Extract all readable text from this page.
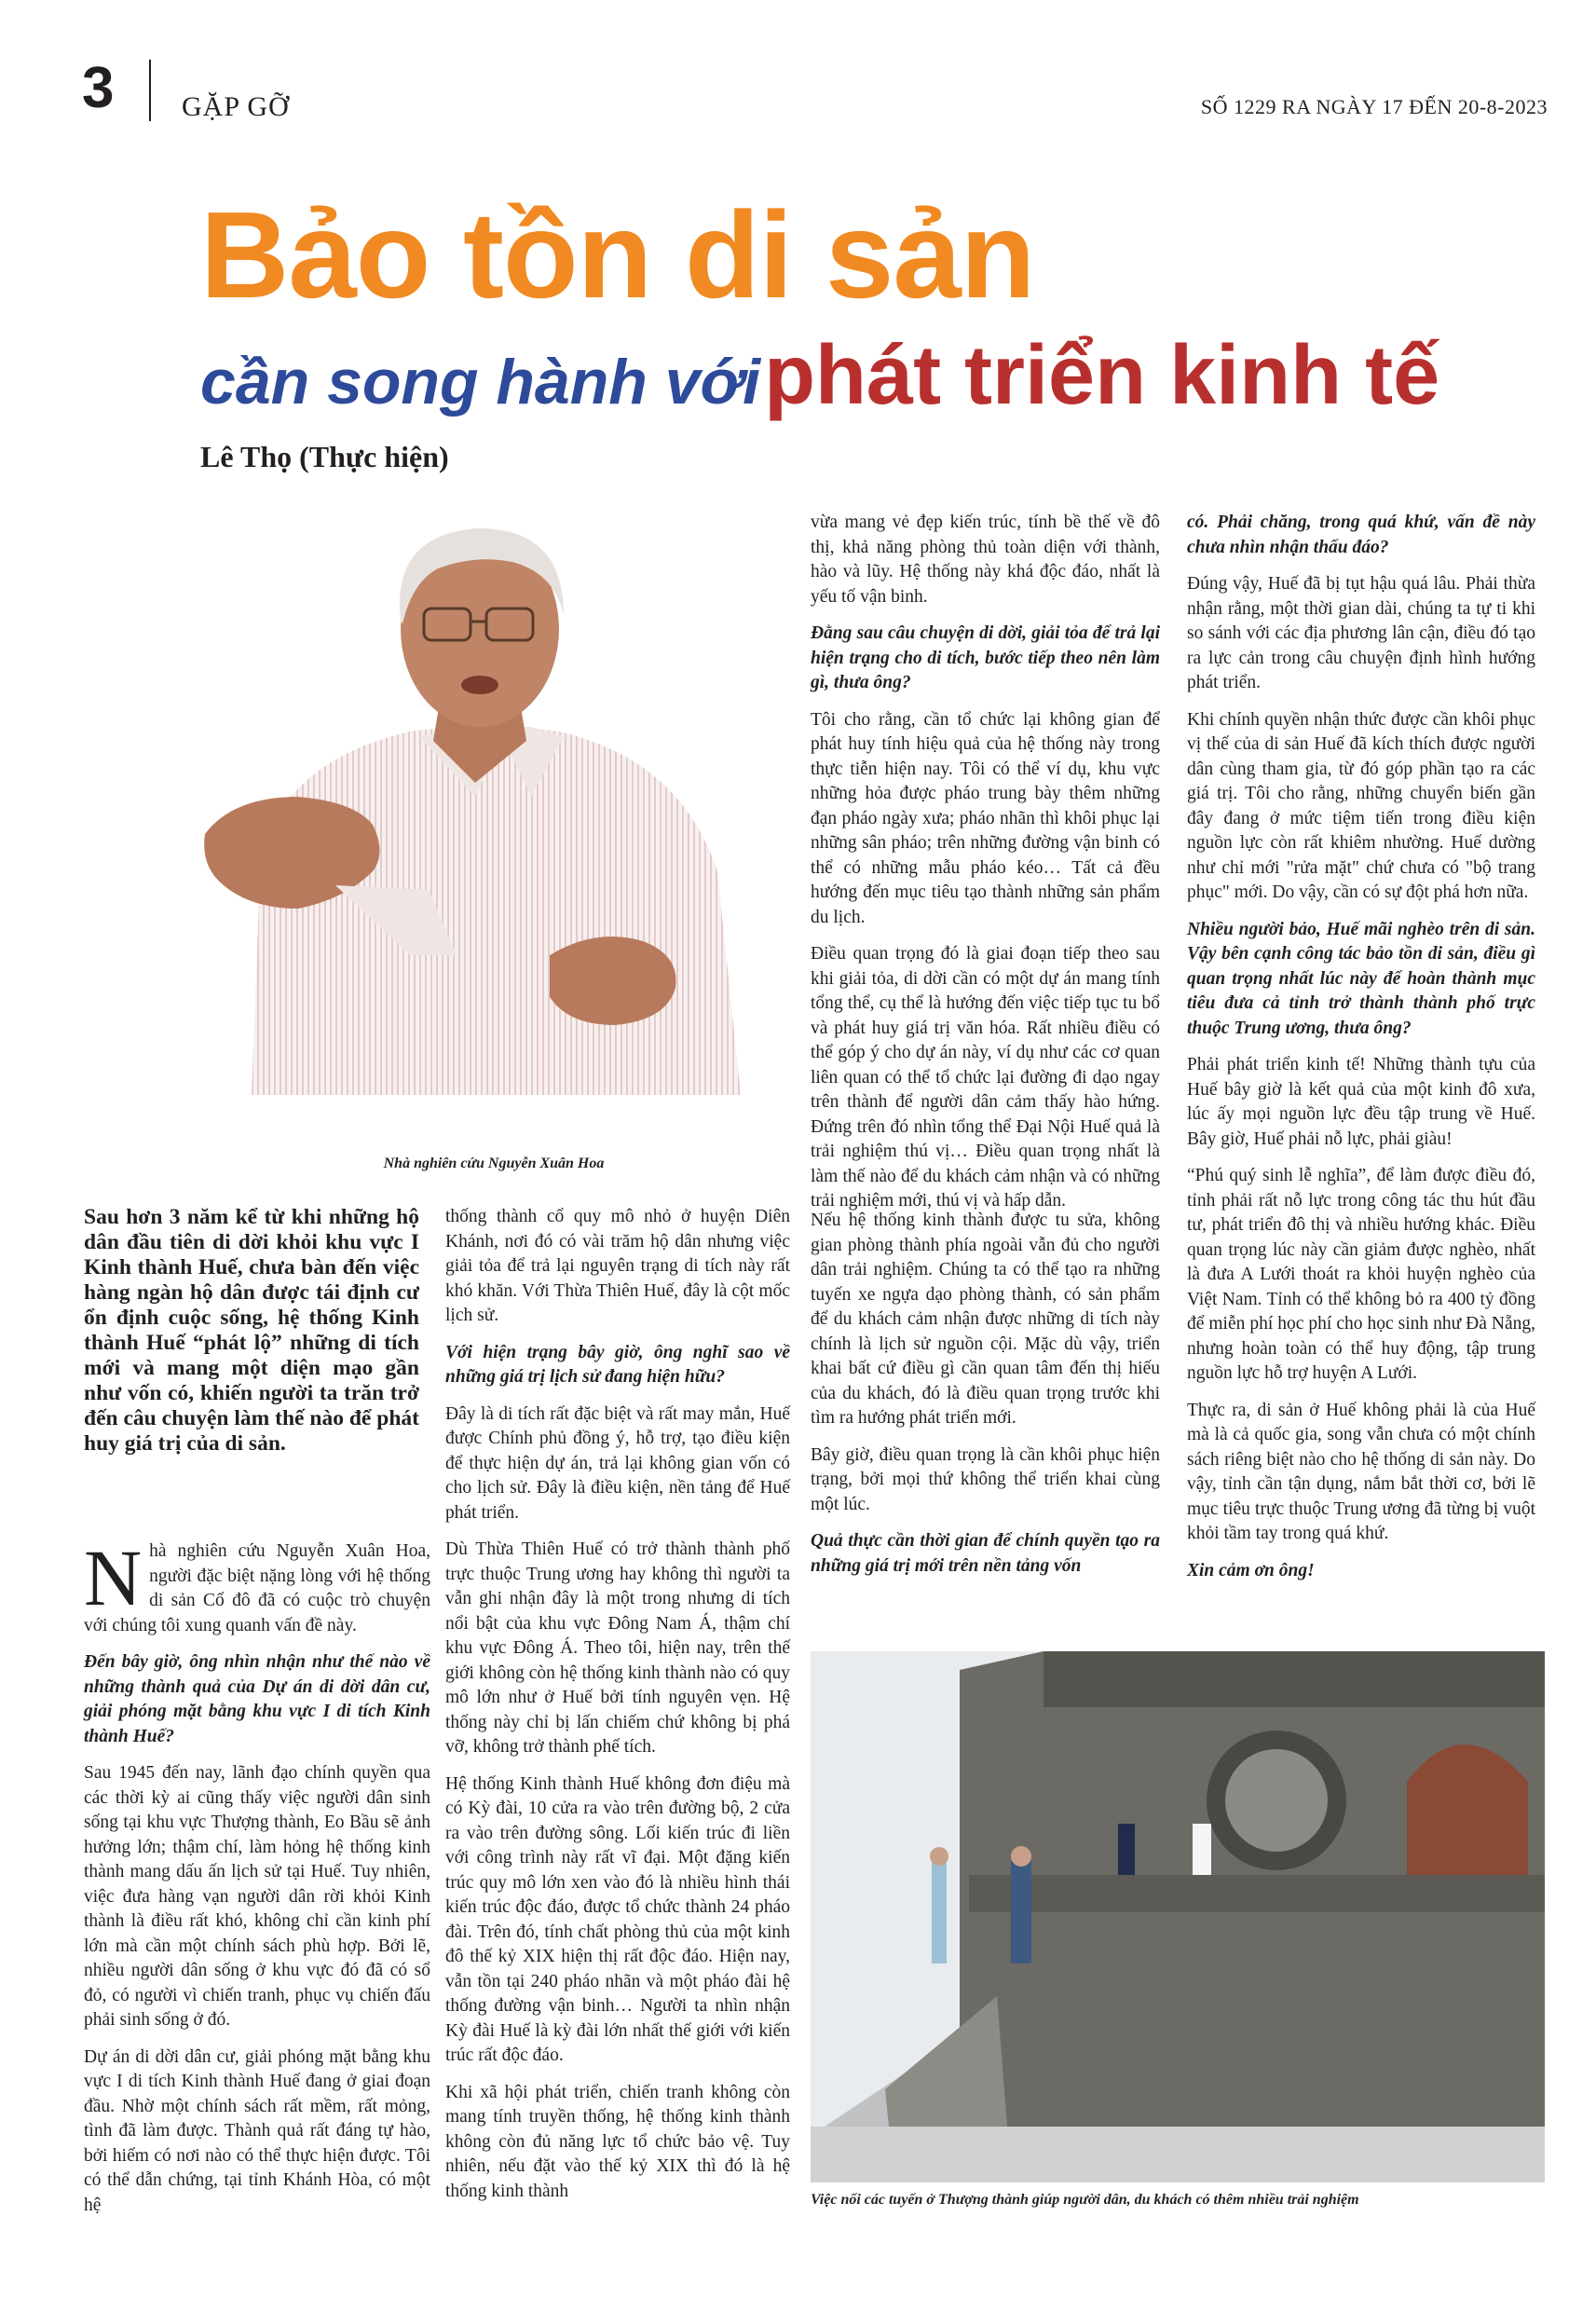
3 GẶP GỠ	SỐ 1229 RA NGÀY 17 ĐẾN 20-8-2023
Bảo tồn di sản
cần song hành với phát triển kinh tế
Lê Thọ (Thực hiện)
Nhà nghiên cứu Nguyễn Xuân Hoa
Việc nối các tuyến ở Thượng thành giúp người dân, du khách có thêm nhiều trải nghiệm
Sau hơn 3 năm kể từ khi những hộ dân đầu tiên di dời khỏi khu vực I Kinh thành Huế, chưa bàn đến việc hàng ngàn hộ dân được tái định cư ổn định cuộc sống, hệ thống Kinh thành Huế “phát lộ” những di tích mới và mang một diện mạo gần như vốn có, khiến người ta trăn trở đến câu chuyện làm thế nào để phát huy giá trị của di sản.

Nhà nghiên cứu Nguyễn Xuân Hoa, người đặc biệt nặng lòng với hệ thống di sản Cố đô đã có cuộc trò chuyện với chúng tôi xung quanh vấn đề này.

Đến bây giờ, ông nhìn nhận như thế nào về những thành quả của Dự án di dời dân cư, giải phóng mặt bằng khu vực I di tích Kinh thành Huế?

Sau 1945 đến nay, lãnh đạo chính quyền qua các thời kỳ ai cũng thấy việc người dân sinh sống tại khu vực Thượng thành, Eo Bầu sẽ ảnh hưởng lớn; thậm chí, làm hỏng hệ thống kinh thành mang dấu ấn lịch sử tại Huế. Tuy nhiên, việc đưa hàng vạn người dân rời khỏi Kinh thành là điều rất khó, không chỉ cần kinh phí lớn mà cần một chính sách phù hợp. Bởi lẽ, nhiều người dân sống ở khu vực đó đã có sổ đỏ, có người vì chiến tranh, phục vụ chiến đấu phải sinh sống ở đó.

Dự án di dời dân cư, giải phóng mặt bằng khu vực I di tích Kinh thành Huế đang ở giai đoạn đầu. Nhờ một chính sách rất mềm, rất mỏng, tình đã làm được. Thành quả rất đáng tự hào, bởi hiếm có nơi nào có thể thực hiện được. Tôi có thể dẫn chứng, tại tỉnh Khánh Hòa, có một hệ

thống thành cổ quy mô nhỏ ở huyện Diên Khánh, nơi đó có vài trăm hộ dân nhưng việc giải tỏa để trả lại nguyên trạng di tích này rất khó khăn. Với Thừa Thiên Huế, đây là cột mốc lịch sử.

Với hiện trạng bây giờ, ông nghĩ sao về những giá trị lịch sử đang hiện hữu?

Đây là di tích rất đặc biệt và rất may mắn, Huế được Chính phủ đồng ý, hỗ trợ, tạo điều kiện để thực hiện dự án, trả lại không gian vốn có cho lịch sử. Đây là điều kiện, nền tảng để Huế phát triển.

Dù Thừa Thiên Huế có trở thành thành phố trực thuộc Trung ương hay không thì người ta vẫn ghi nhận đây là một trong nhưng di tích nổi bật của khu vực Đông Nam Á, thậm chí khu vực Đông Á. Theo tôi, hiện nay, trên thế giới không còn hệ thống kinh thành nào có quy mô lớn như ở Huế bởi tính nguyên vẹn. Hệ thống này chỉ bị lấn chiếm chứ không bị phá vỡ, không trở thành phế tích.

Hệ thống Kinh thành Huế không đơn điệu mà có Kỳ đài, 10 cửa ra vào trên đường bộ, 2 cửa ra vào trên đường sông. Lối kiến trúc đi liền với công trình này rất vĩ đại. Một đặng kiến trúc quy mô lớn xen vào đó là nhiều hình thái kiến trúc độc đáo, được tổ chức thành 24 pháo đài. Trên đó, tính chất phòng thủ của một kinh đô thế kỷ XIX hiện thị rất độc đáo. Hiện nay, vẫn tồn tại 240 pháo nhãn và một pháo đài hệ thống đường vận binh… Người ta nhìn nhận Kỳ đài Huế là kỳ đài lớn nhất thế giới với kiến trúc rất độc đáo.

Khi xã hội phát triển, chiến tranh không còn mang tính truyền thống, hệ thống kinh thành không còn đủ năng lực tổ chức bảo vệ. Tuy nhiên, nếu đặt vào thế kỷ XIX thì đó là hệ thống kinh thành

vừa mang vẻ đẹp kiến trúc, tính bề thế về đô thị, khả năng phòng thủ toàn diện với thành, hào và lũy. Hệ thống này khá độc đáo, nhất là yếu tố vận binh.

Đằng sau câu chuyện di dời, giải tỏa để trả lại hiện trạng cho di tích, bước tiếp theo nên làm gì, thưa ông?

Tôi cho rằng, cần tổ chức lại không gian để phát huy tính hiệu quả của hệ thống này trong thực tiễn hiện nay. Tôi có thể ví dụ, khu vực những hỏa được pháo trung bày thêm những đạn pháo ngày xưa; pháo nhãn thì khôi phục lại những sân pháo; trên những đường vận binh có thể có những mẫu pháo kéo… Tất cả đều hướng đến mục tiêu tạo thành những sản phẩm du lịch.

Điều quan trọng đó là giai đoạn tiếp theo sau khi giải tỏa, di dời cần có một dự án mang tính tổng thể, cụ thể là hướng đến việc tiếp tục tu bổ và phát huy giá trị văn hóa. Rất nhiều điều có thể góp ý cho dự án này, ví dụ như các cơ quan liên quan có thể tổ chức lại đường đi dạo ngay trên thành để người dân cảm thấy hào hứng. Đứng trên đó nhìn tổng thể Đại Nội Huế quả là trải nghiệm thú vị… Điều quan trọng nhất là làm thế nào để du khách cảm nhận và có những trải nghiệm mới, thú vị và hấp dẫn.

Nếu hệ thống kinh thành được tu sửa, không gian phòng thành phía ngoài vẫn đủ cho người dân trải nghiệm. Chúng ta có thể tạo ra những tuyến xe ngựa dạo phòng thành, có sản phẩm để du khách cảm nhận được những di tích này chính là lịch sử nguồn cội. Mặc dù vậy, triển khai bất cứ điều gì cần quan tâm đến thị hiếu của du khách, đó là điều quan trọng trước khi tìm ra hướng phát triển mới.

Bây giờ, điều quan trọng là cần khôi phục hiện trạng, bởi mọi thứ không thể triển khai cùng một lúc.

Quả thực cần thời gian để chính quyền tạo ra những giá trị mới trên nền tảng vốn

có. Phải chăng, trong quá khứ, vấn đề này chưa nhìn nhận thấu đáo?

Đúng vậy, Huế đã bị tụt hậu quá lâu. Phải thừa nhận rằng, một thời gian dài, chúng ta tự ti khi so sánh với các địa phương lân cận, điều đó tạo ra lực cản trong câu chuyện định hình hướng phát triển.

Khi chính quyền nhận thức được cần khôi phục vị thế của di sản Huế đã kích thích được người dân cùng tham gia, từ đó góp phần tạo ra các giá trị. Tôi cho rằng, những chuyển biến gần đây đang ở mức tiệm tiến trong điều kiện nguồn lực còn rất khiêm nhường. Huế dường như chỉ mới "rửa mặt" chứ chưa có "bộ trang phục" mới. Do vậy, cần có sự đột phá hơn nữa.

Nhiều người bảo, Huế mãi nghèo trên di sản. Vậy bên cạnh công tác bảo tồn di sản, điều gì quan trọng nhất lúc này để hoàn thành mục tiêu đưa cả tỉnh trở thành thành phố trực thuộc Trung ương, thưa ông?

Phải phát triển kinh tế! Những thành tựu của Huế bây giờ là kết quả của một kinh đô xưa, lúc ấy mọi nguồn lực đều tập trung về Huế. Bây giờ, Huế phải nỗ lực, phải giàu!

“Phú quý sinh lễ nghĩa”, để làm được điều đó, tỉnh phải rất nỗ lực trong công tác thu hút đầu tư, phát triển đô thị và nhiều hướng khác. Điều quan trọng lúc này cần giảm được nghèo, nhất là đưa A Lưới thoát ra khỏi huyện nghèo của Việt Nam. Tỉnh có thể không bỏ ra 400 tỷ đồng để miễn phí học phí cho học sinh như Đà Nẵng, nhưng hoàn toàn có thể huy động, tập trung nguồn lực hỗ trợ huyện A Lưới.

Thực ra, di sản ở Huế không phải là của Huế mà là cả quốc gia, song vẫn chưa có một chính sách riêng biệt nào cho hệ thống di sản này. Do vậy, tỉnh cần tận dụng, nắm bắt thời cơ, bởi lẽ mục tiêu trực thuộc Trung ương đã từng bị vuột khỏi tầm tay trong quá khứ.

Xin cảm ơn ông!
